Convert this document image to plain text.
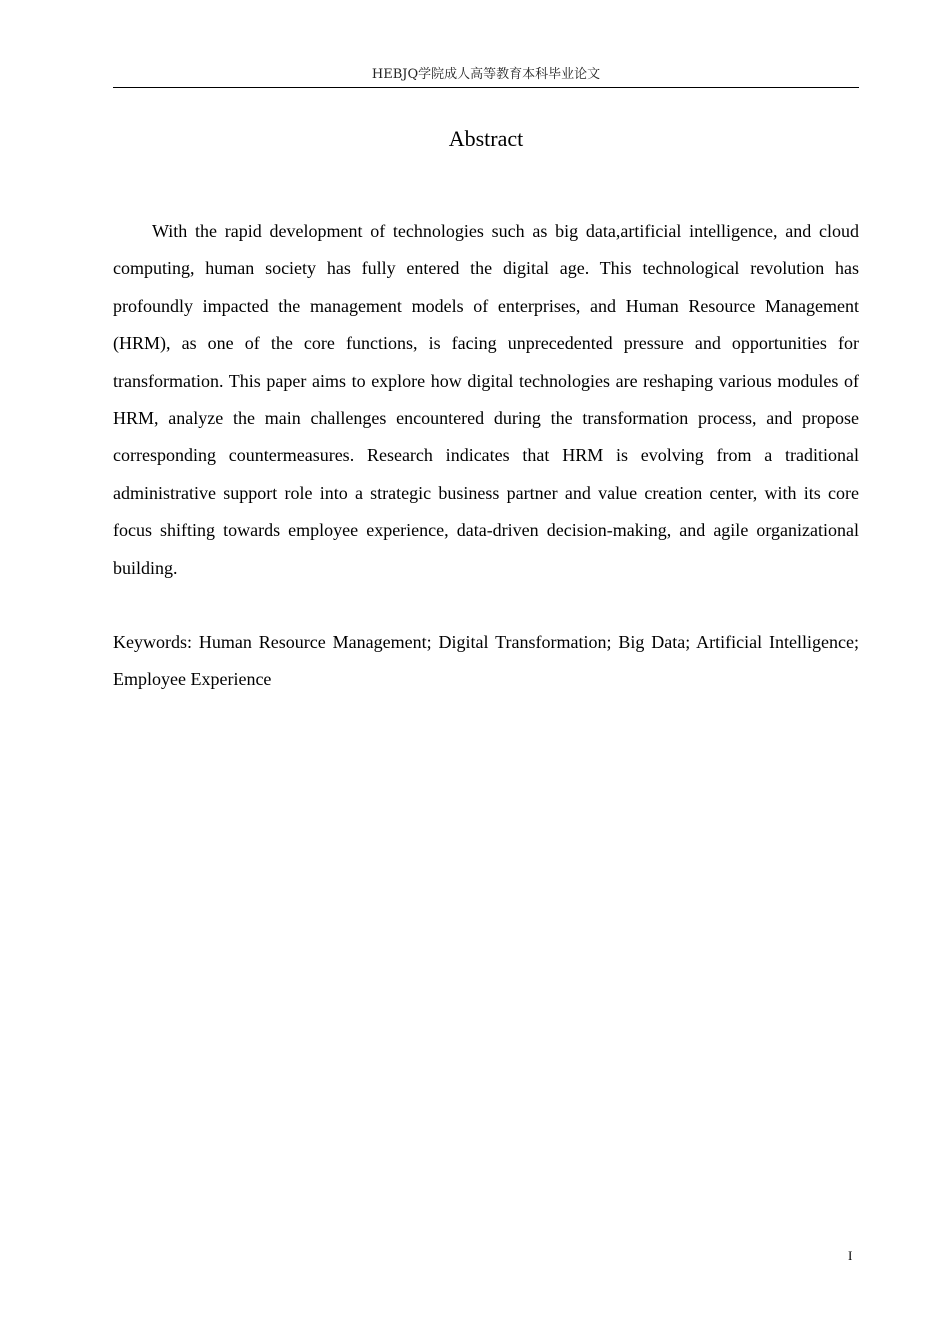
HEBJQ学院成人高等教育本科毕业论文
Abstract

With the rapid development of technologies such as big data,artificial intelligence, and cloud computing, human society has fully entered the digital age. This technological revolution has profoundly impacted the management models of enterprises, and Human Resource Management (HRM), as one of the core functions, is facing unprecedented pressure and opportunities for transformation. This paper aims to explore how digital technologies are reshaping various modules of HRM, analyze the main challenges encountered during the transformation process, and propose corresponding countermeasures. Research indicates that HRM is evolving from a traditional administrative support role into a strategic business partner and value creation center, with its core focus shifting towards employee experience, data-driven decision-making, and agile organizational building.

Keywords: Human Resource Management; Digital Transformation; Big Data; Artificial Intelligence; Employee Experience

I
